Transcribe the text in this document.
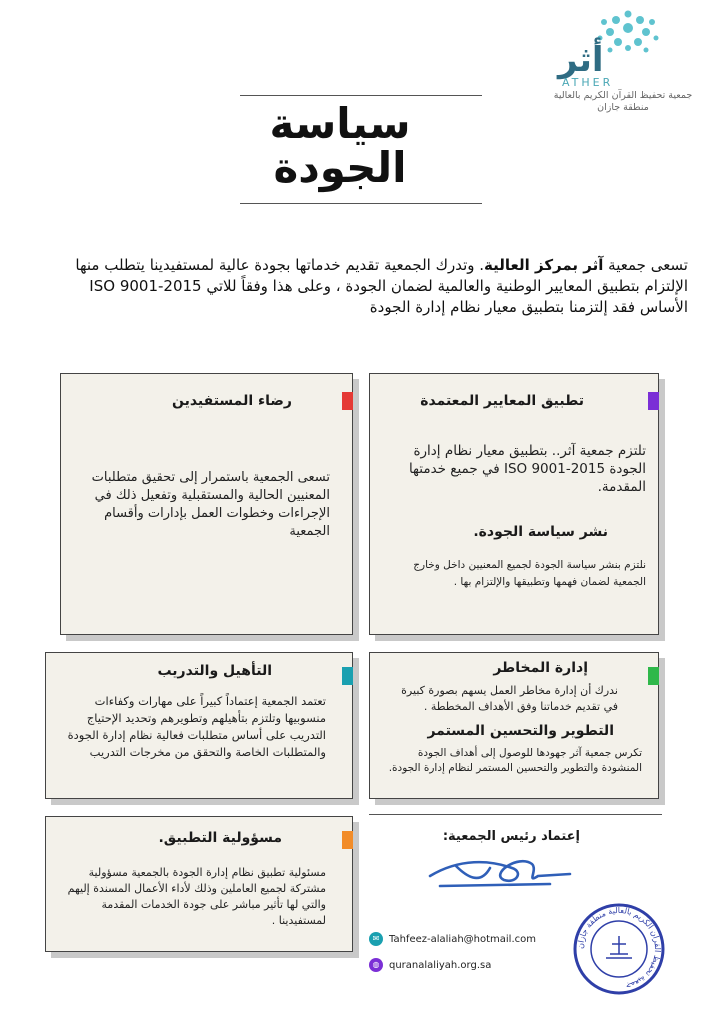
أثر
ATHER
جمعية تحفيظ القرآن الكريم بالعالية
منطقة جازان
سياسة
الجودة
تسعى جمعية آثر بمركز العالية. وتدرك الجمعية تقديم خدماتها بجودة عالية لمستفيدينا يتطلب منها الإلتزام بتطبيق المعايير الوطنية والعالمية لضمان الجودة ، وعلى هذا وفقاً للاتي ISO 9001-2015 الأساس فقد إلتزمنا بتطبيق معيار نظام إدارة الجودة
تطبيق المعايير المعتمدة

تلتزم جمعية آثر.. بتطبيق معيار نظام إدارة الجودة ISO 9001-2015 في جميع خدمتها المقدمة.

نشر سياسة الجودة.

نلتزم بنشر سياسة الجودة لجميع المعنيين داخل وخارج الجمعية لضمان فهمها وتطبيقها والإلتزام بها .

رضاء المستفيدين

تسعى الجمعية باستمرار إلى تحقيق متطلبات المعنيين الحالية والمستقبلية وتفعيل ذلك في الإجراءات وخطوات العمل بإدارات وأقسام الجمعية

إدارة المخاطر

ندرك أن إدارة مخاطر العمل يسهم بصورة كبيرة في تقديم خدماتنا وفق الأهداف المخططة .

التطوير والتحسين المستمر

تكرس جمعية آثر جهودها للوصول إلى أهداف الجودة المنشودة والتطوير والتحسين المستمر لنظام إدارة الجودة.

التأهيل والتدريب

تعتمد الجمعية إعتماداً كبيراً على مهارات وكفاءات منسوبيها وتلتزم بتأهيلهم وتطويرهم وتحديد الإحتياج التدريب على أساس متطلبات فعالية نظام إدارة الجودة والمتطلبات الخاصة والتحقق من مخرجات التدريب

مسؤولية التطبيق.

مسئولية تطبيق نظام إدارة الجودة بالجمعية مسؤولية مشتركة لجميع العاملين وذلك لأداء الأعمال المسندة إليهم والتي لها تأثير مباشر على جودة الخدمات المقدمة لمستفيدينا .

إعتماد رئيس الجمعية:
✉ Tahfeez-alaliah@hotmail.com
◍ quranalaliyah.org.sa
جمعية تحفيظ القرآن الكريم بالعالية منطقة جازان
